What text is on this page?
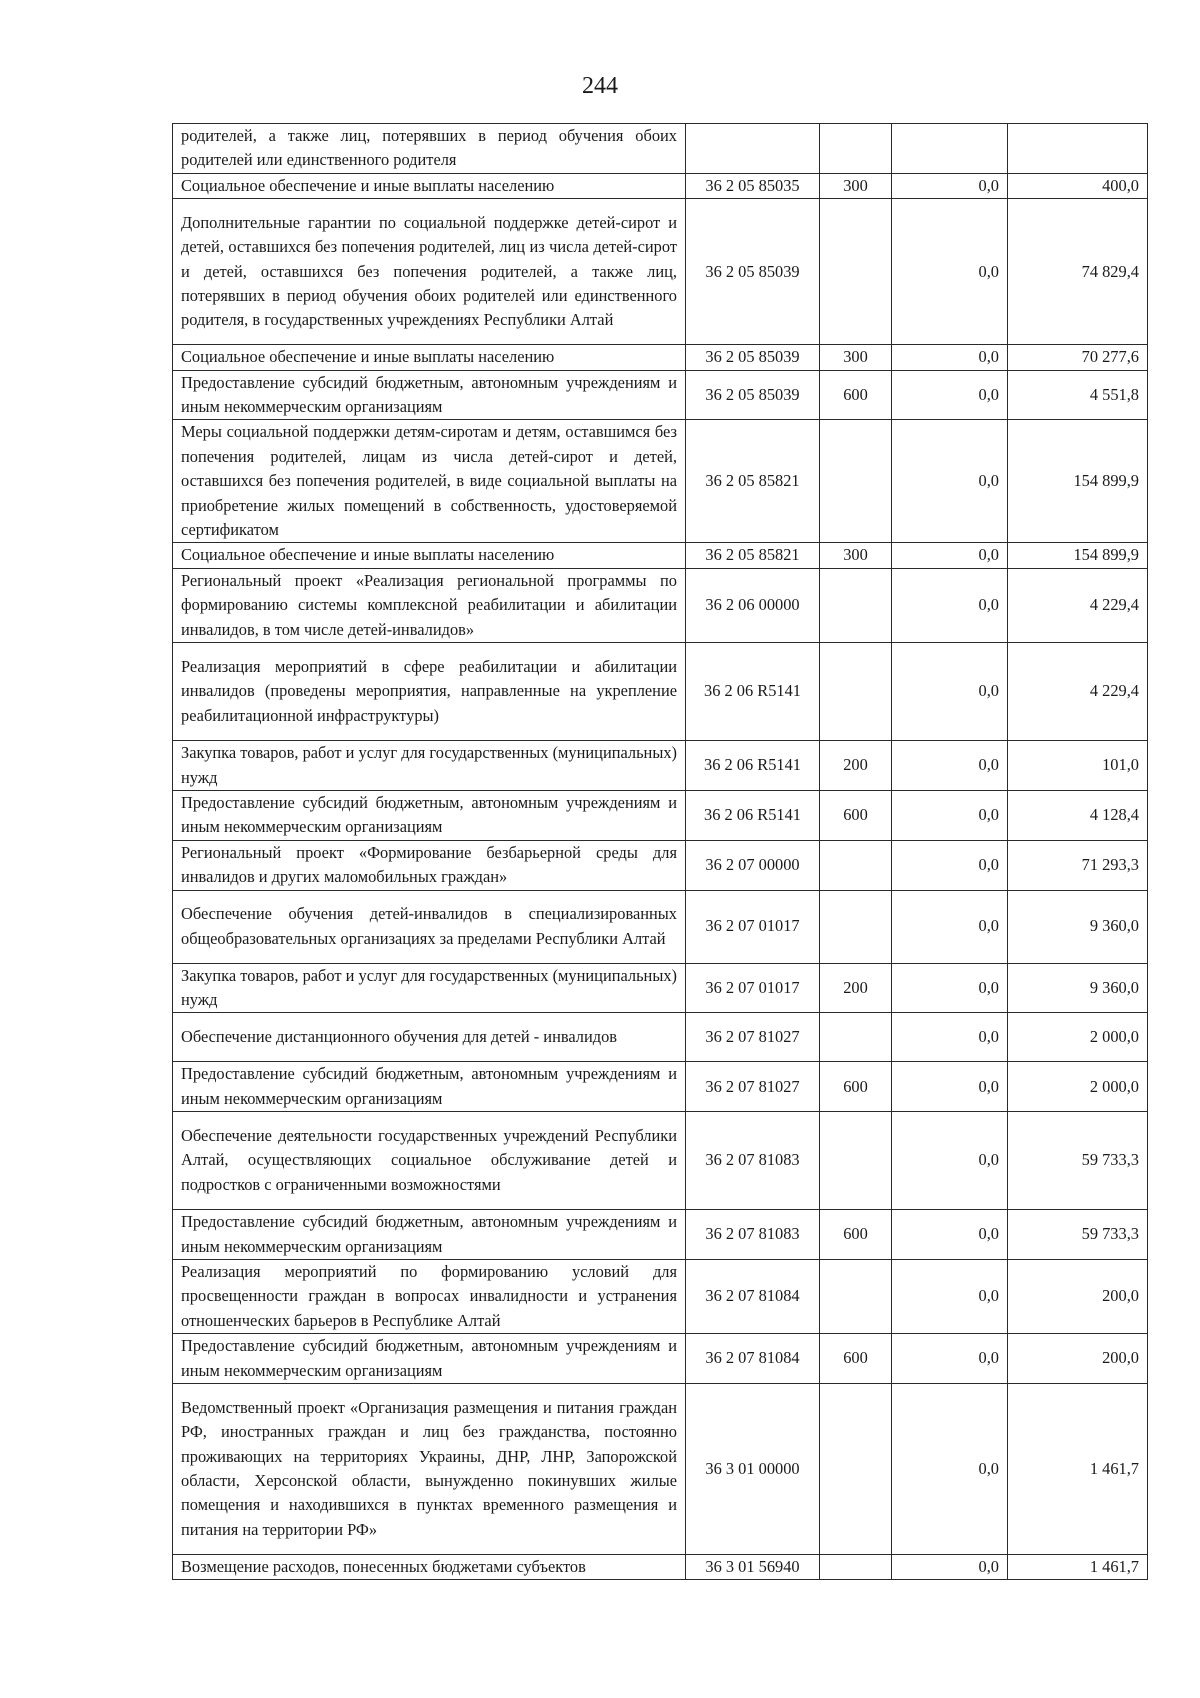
244
родителей, а также лиц, потерявших в период обучения обоих родителей или единственного родителя				
Социальное обеспечение и иные выплаты населению	36 2 05 85035	300	0,0	400,0
Дополнительные гарантии по социальной поддержке детей-сирот и детей, оставшихся без попечения родителей, лиц из числа детей-сирот и детей, оставшихся без попечения родителей, а также лиц, потерявших в период обучения обоих родителей или единственного родителя, в государственных учреждениях Республики Алтай	36 2 05 85039		0,0	74 829,4
Социальное обеспечение и иные выплаты населению	36 2 05 85039	300	0,0	70 277,6
Предоставление субсидий бюджетным, автономным учреждениям и иным некоммерческим организациям	36 2 05 85039	600	0,0	4 551,8
Меры социальной поддержки детям-сиротам и детям, оставшимся без попечения родителей, лицам из числа детей-сирот и детей, оставшихся без попечения родителей, в виде социальной выплаты на приобретение жилых помещений в собственность, удостоверяемой сертификатом	36 2 05 85821		0,0	154 899,9
Социальное обеспечение и иные выплаты населению	36 2 05 85821	300	0,0	154 899,9
Региональный проект «Реализация региональной программы по формированию системы комплексной реабилитации и абилитации инвалидов, в том числе детей-инвалидов»	36 2 06 00000		0,0	4 229,4
Реализация мероприятий в сфере реабилитации и абилитации инвалидов (проведены мероприятия, направленные на укрепление реабилитационной инфраструктуры)	36 2 06 R5141		0,0	4 229,4
Закупка товаров, работ и услуг для государственных (муниципальных) нужд	36 2 06 R5141	200	0,0	101,0
Предоставление субсидий бюджетным, автономным учреждениям и иным некоммерческим организациям	36 2 06 R5141	600	0,0	4 128,4
Региональный проект «Формирование безбарьерной среды для инвалидов и других маломобильных граждан»	36 2 07 00000		0,0	71 293,3
Обеспечение обучения детей-инвалидов в специализированных общеобразовательных организациях за пределами Республики Алтай	36 2 07 01017		0,0	9 360,0
Закупка товаров, работ и услуг для государственных (муниципальных) нужд	36 2 07 01017	200	0,0	9 360,0
Обеспечение дистанционного обучения для детей - инвалидов	36 2 07 81027		0,0	2 000,0
Предоставление субсидий бюджетным, автономным учреждениям и иным некоммерческим организациям	36 2 07 81027	600	0,0	2 000,0
Обеспечение деятельности государственных учреждений Республики Алтай, осуществляющих социальное обслуживание детей и подростков с ограниченными возможностями	36 2 07 81083		0,0	59 733,3
Предоставление субсидий бюджетным, автономным учреждениям и иным некоммерческим организациям	36 2 07 81083	600	0,0	59 733,3
Реализация мероприятий по формированию условий для просвещенности граждан в вопросах инвалидности и устранения отношенческих барьеров в Республике Алтай	36 2 07 81084		0,0	200,0
Предоставление субсидий бюджетным, автономным учреждениям и иным некоммерческим организациям	36 2 07 81084	600	0,0	200,0
Ведомственный проект «Организация размещения и питания граждан РФ, иностранных граждан и лиц без гражданства, постоянно проживающих на территориях Украины, ДНР, ЛНР, Запорожской области, Херсонской области, вынужденно покинувших жилые помещения и находившихся в пунктах временного размещения и питания на территории РФ»	36 3 01 00000		0,0	1 461,7
Возмещение расходов, понесенных бюджетами субъектов	36 3 01 56940		0,0	1 461,7
